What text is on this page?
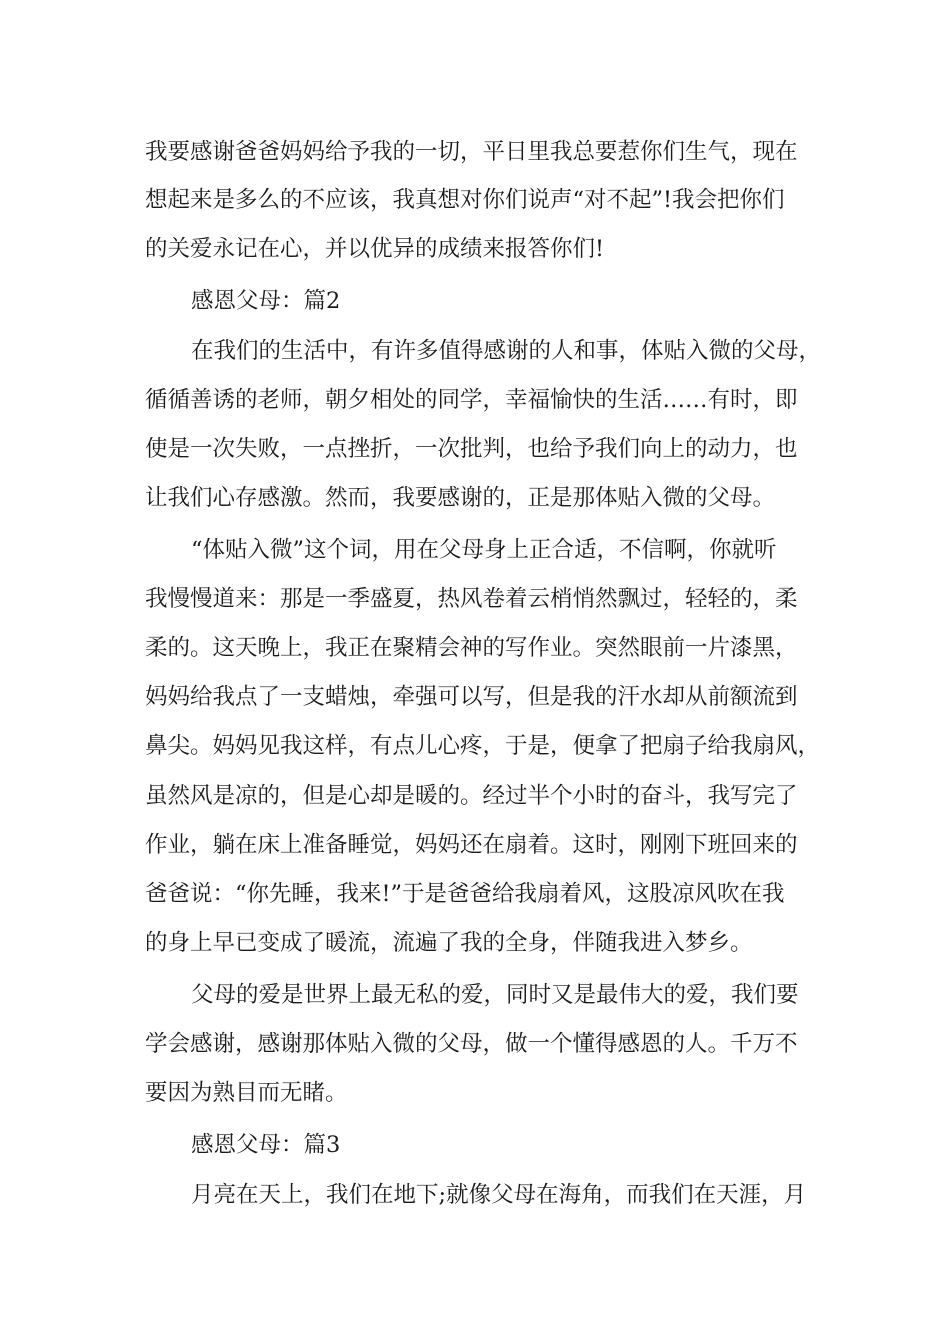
我要感谢爸爸妈妈给予我的一切，平日里我总要惹你们生气，现在
想起来是多么的不应该，我真想对你们说声“对不起”!我会把你们
的关爱永记在心，并以优异的成绩来报答你们!
感恩父母：篇2
在我们的生活中，有许多值得感谢的人和事，体贴入微的父母，
循循善诱的老师，朝夕相处的同学，幸福愉快的生活……有时，即
使是一次失败，一点挫折，一次批判，也给予我们向上的动力，也
让我们心存感激。然而，我要感谢的，正是那体贴入微的父母。
“体贴入微”这个词，用在父母身上正合适，不信啊，你就听
我慢慢道来：那是一季盛夏，热风卷着云梢悄然飘过，轻轻的，柔
柔的。这天晚上，我正在聚精会神的写作业。突然眼前一片漆黑，
妈妈给我点了一支蜡烛，牵强可以写，但是我的汗水却从前额流到
鼻尖。妈妈见我这样，有点儿心疼，于是，便拿了把扇子给我扇风，
虽然风是凉的，但是心却是暖的。经过半个小时的奋斗，我写完了
作业，躺在床上准备睡觉，妈妈还在扇着。这时，刚刚下班回来的
爸爸说：“你先睡，我来!”于是爸爸给我扇着风，这股凉风吹在我
的身上早已变成了暖流，流遍了我的全身，伴随我进入梦乡。
父母的爱是世界上最无私的爱，同时又是最伟大的爱，我们要
学会感谢，感谢那体贴入微的父母，做一个懂得感恩的人。千万不
要因为熟目而无睹。
感恩父母：篇3
月亮在天上，我们在地下;就像父母在海角，而我们在天涯，月
